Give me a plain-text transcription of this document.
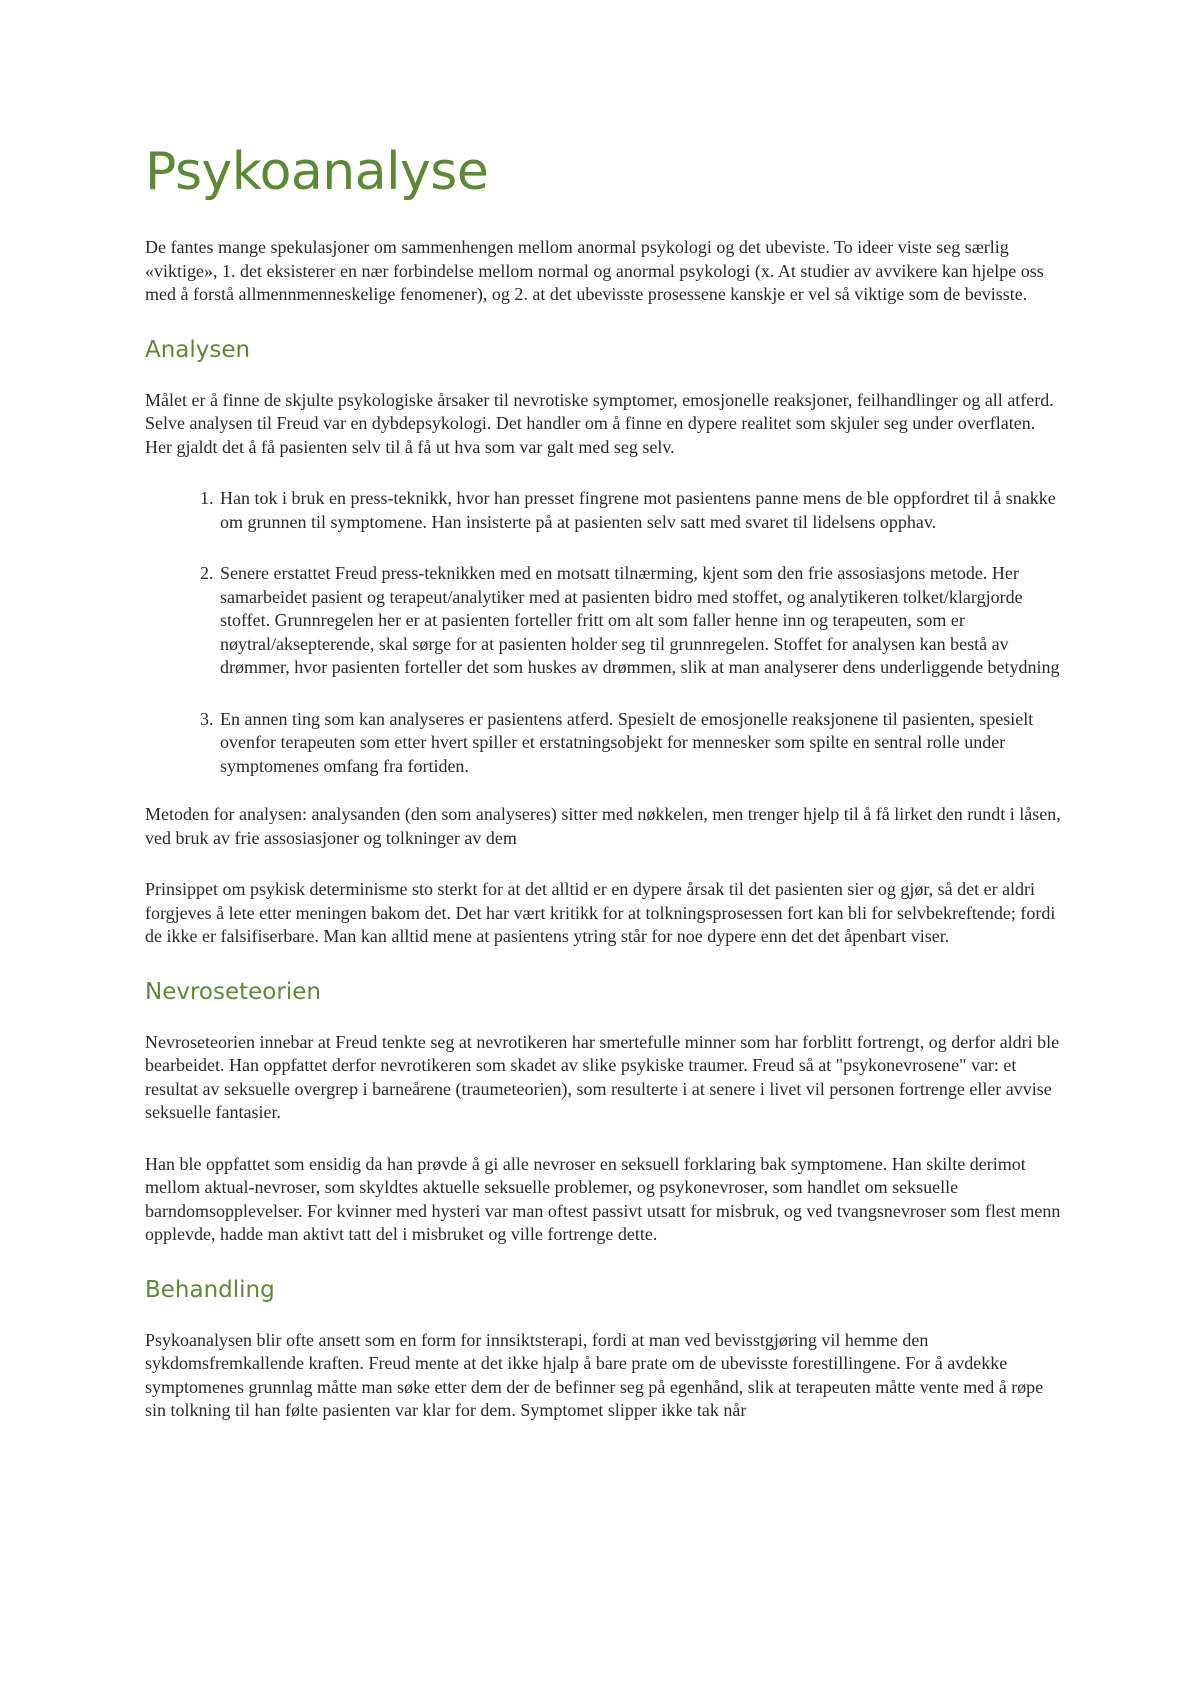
Psykoanalyse

De fantes mange spekulasjoner om sammenhengen mellom anormal psykologi og det ubeviste. To ideer viste seg særlig «viktige», 1. det eksisterer en nær forbindelse mellom normal og anormal psykologi (x. At studier av avvikere kan hjelpe oss med å forstå allmennmenneskelige fenomener), og 2. at det ubevisste prosessene kanskje er vel så viktige som de bevisste.

Analysen

Målet er å finne de skjulte psykologiske årsaker til nevrotiske symptomer, emosjonelle reaksjoner, feilhandlinger og all atferd. Selve analysen til Freud var en dybdepsykologi. Det handler om å finne en dypere realitet som skjuler seg under overflaten. Her gjaldt det å få pasienten selv til å få ut hva som var galt med seg selv.

1. Han tok i bruk en press-teknikk, hvor han presset fingrene mot pasientens panne mens de ble oppfordret til å snakke om grunnen til symptomene. Han insisterte på at pasienten selv satt med svaret til lidelsens opphav.
2. Senere erstattet Freud press-teknikken med en motsatt tilnærming, kjent som den frie assosiasjons metode. Her samarbeidet pasient og terapeut/analytiker med at pasienten bidro med stoffet, og analytikeren tolket/klargjorde stoffet. Grunnregelen her er at pasienten forteller fritt om alt som faller henne inn og terapeuten, som er nøytral/aksepterende, skal sørge for at pasienten holder seg til grunnregelen. Stoffet for analysen kan bestå av drømmer, hvor pasienten forteller det som huskes av drømmen, slik at man analyserer dens underliggende betydning
3. En annen ting som kan analyseres er pasientens atferd. Spesielt de emosjonelle reaksjonene til pasienten, spesielt ovenfor terapeuten som etter hvert spiller et erstatningsobjekt for mennesker som spilte en sentral rolle under symptomenes omfang fra fortiden.

Metoden for analysen: analysanden (den som analyseres) sitter med nøkkelen, men trenger hjelp til å få lirket den rundt i låsen, ved bruk av frie assosiasjoner og tolkninger av dem

Prinsippet om psykisk determinisme sto sterkt for at det alltid er en dypere årsak til det pasienten sier og gjør, så det er aldri forgjeves å lete etter meningen bakom det. Det har vært kritikk for at tolkningsprosessen fort kan bli for selvbekreftende; fordi de ikke er falsifiserbare. Man kan alltid mene at pasientens ytring står for noe dypere enn det det åpenbart viser.

Nevroseteorien

Nevroseteorien innebar at Freud tenkte seg at nevrotikeren har smertefulle minner som har forblitt fortrengt, og derfor aldri ble bearbeidet. Han oppfattet derfor nevrotikeren som skadet av slike psykiske traumer. Freud så at "psykonevrosene" var: et resultat av seksuelle overgrep i barneårene (traumeteorien), som resulterte i at senere i livet vil personen fortrenge eller avvise seksuelle fantasier.

Han ble oppfattet som ensidig da han prøvde å gi alle nevroser en seksuell forklaring bak symptomene. Han skilte derimot mellom aktual-nevroser, som skyldtes aktuelle seksuelle problemer, og psykonevroser, som handlet om seksuelle barndomsopplevelser. For kvinner med hysteri var man oftest passivt utsatt for misbruk, og ved tvangsnevroser som flest menn opplevde, hadde man aktivt tatt del i misbruket og ville fortrenge dette.

Behandling

Psykoanalysen blir ofte ansett som en form for innsiktsterapi, fordi at man ved bevisstgjøring vil hemme den sykdomsfremkallende kraften. Freud mente at det ikke hjalp å bare prate om de ubevisste forestillingene. For å avdekke symptomenes grunnlag måtte man søke etter dem der de befinner seg på egenhånd, slik at terapeuten måtte vente med å røpe sin tolkning til han følte pasienten var klar for dem. Symptomet slipper ikke tak når
